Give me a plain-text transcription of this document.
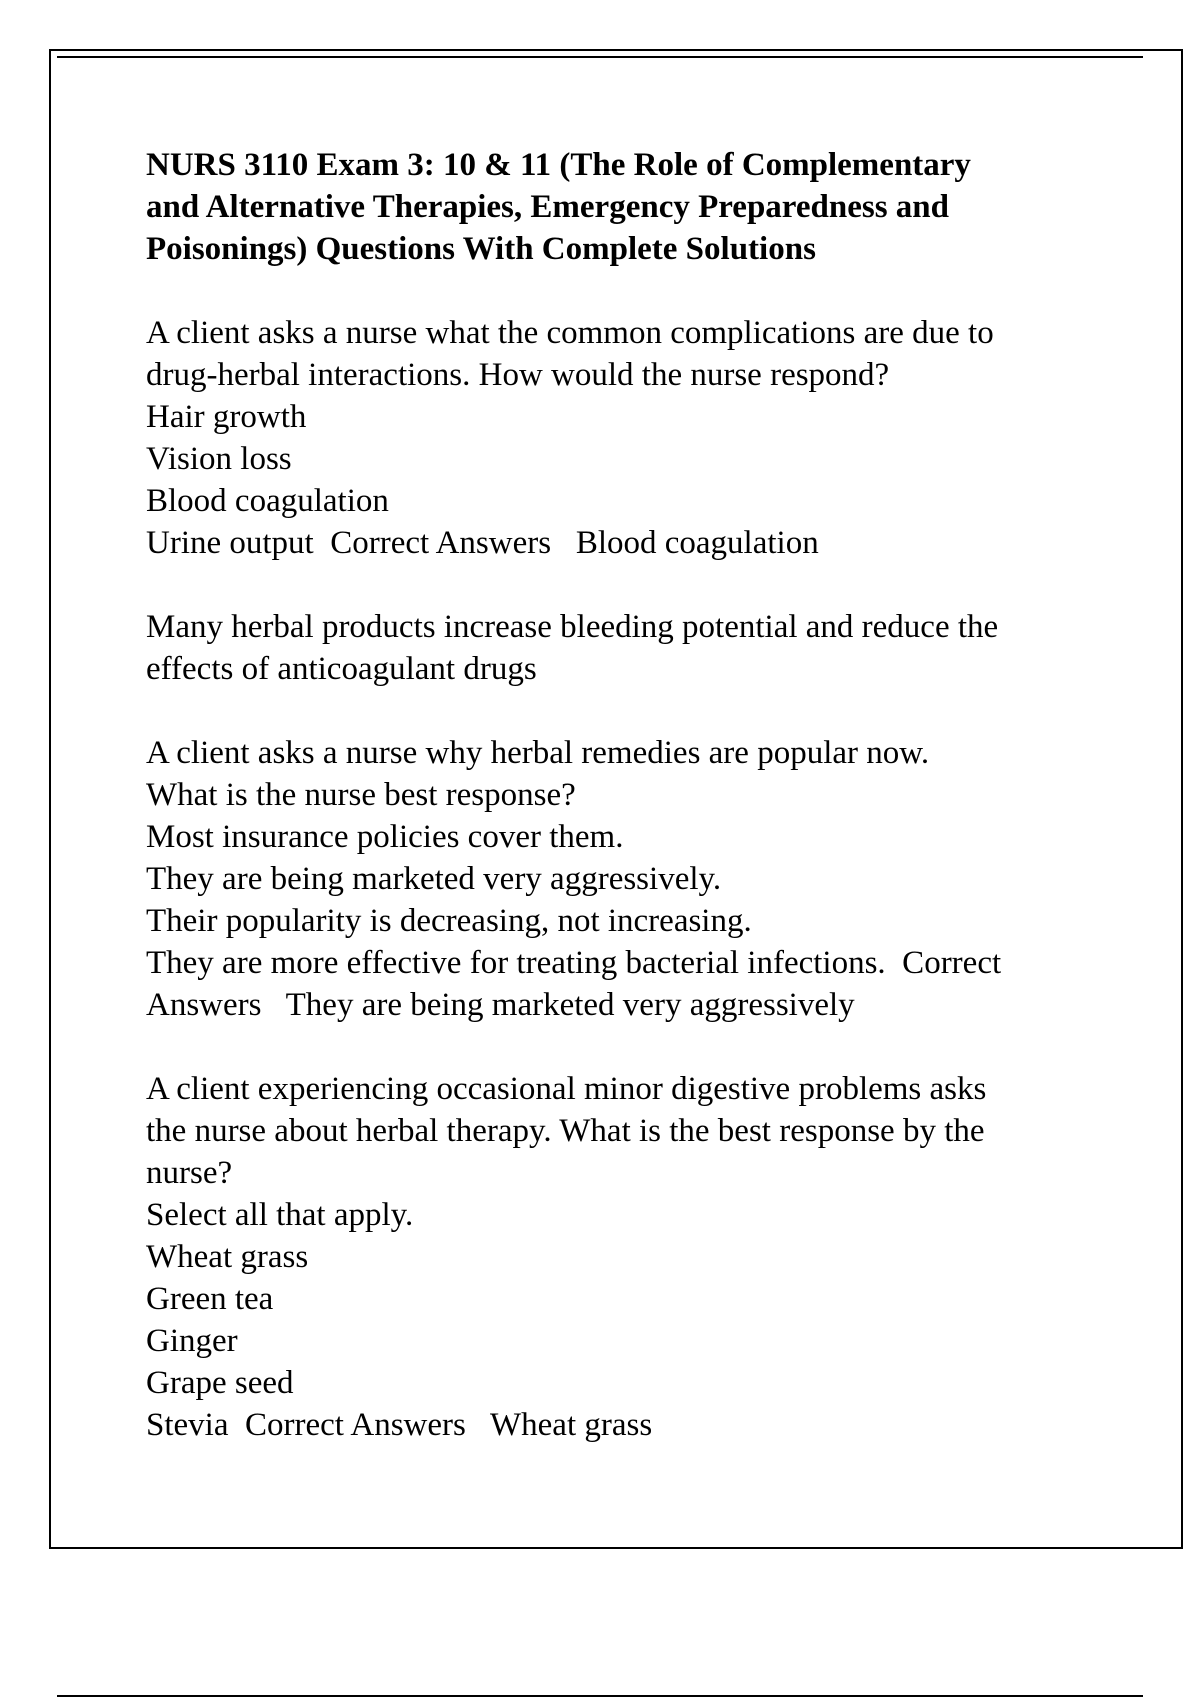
NURS 3110 Exam 3: 10 & 11 (The Role of Complementary
and Alternative Therapies, Emergency Preparedness and
Poisonings) Questions With Complete Solutions
A client asks a nurse what the common complications are due to
drug-herbal interactions. How would the nurse respond?
Hair growth
Vision loss
Blood coagulation
Urine output  Correct Answers   Blood coagulation
Many herbal products increase bleeding potential and reduce the
effects of anticoagulant drugs
A client asks a nurse why herbal remedies are popular now.
What is the nurse best response?
Most insurance policies cover them.
They are being marketed very aggressively.
Their popularity is decreasing, not increasing.
They are more effective for treating bacterial infections.  Correct
Answers   They are being marketed very aggressively
A client experiencing occasional minor digestive problems asks
the nurse about herbal therapy. What is the best response by the
nurse?
Select all that apply.
Wheat grass
Green tea
Ginger
Grape seed
Stevia  Correct Answers   Wheat grass
